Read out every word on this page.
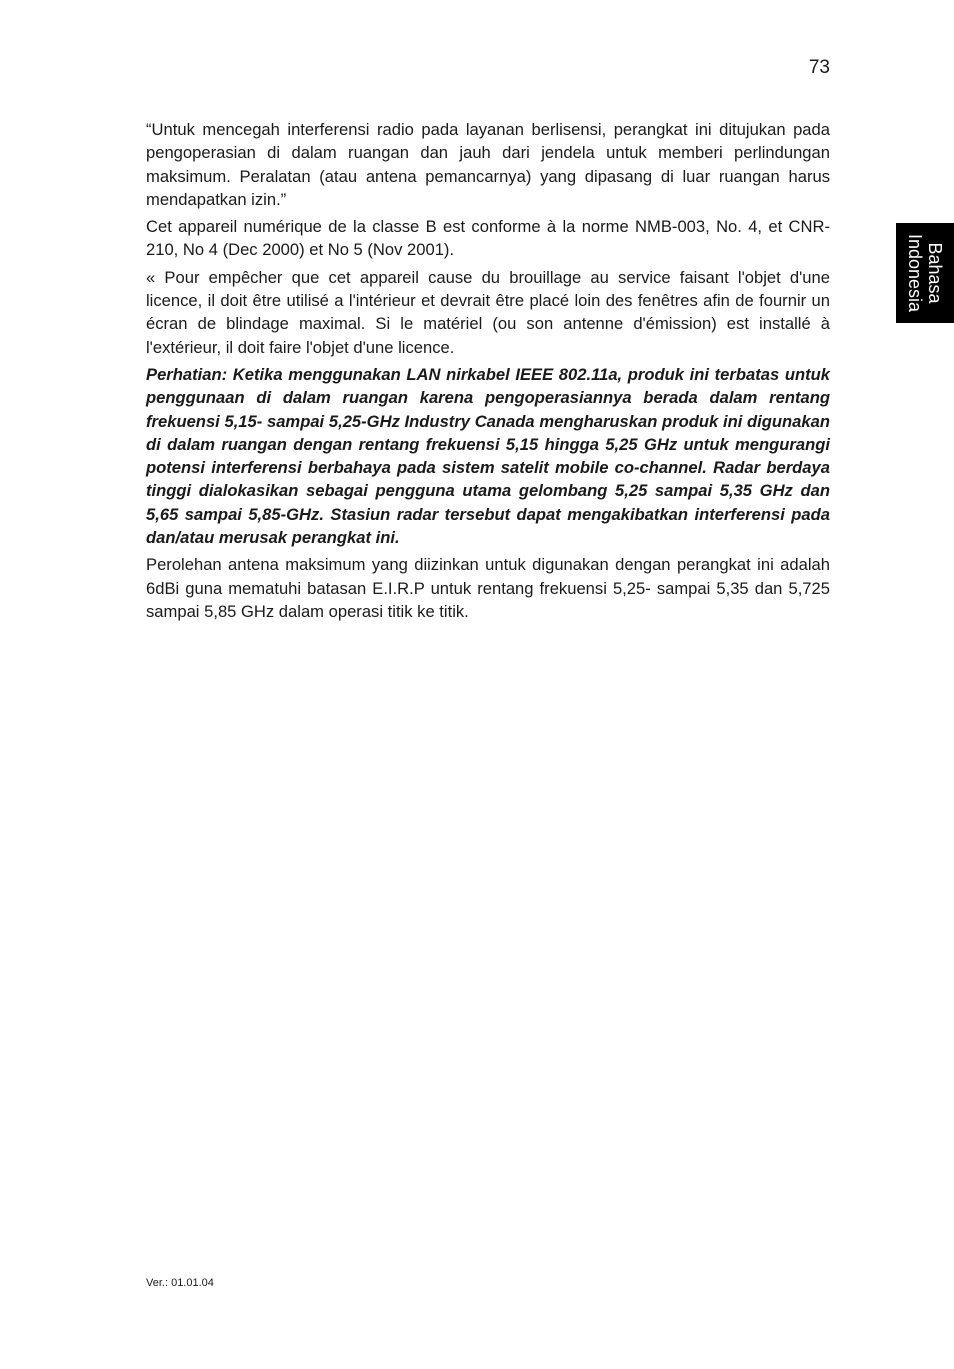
73
Bahasa
Indonesia

“Untuk mencegah interferensi radio pada layanan berlisensi, perangkat ini ditujukan pada pengoperasian di dalam ruangan dan jauh dari jendela untuk memberi perlindungan maksimum. Peralatan (atau antena pemancarnya) yang dipasang di luar ruangan harus mendapatkan izin.”

Cet appareil numérique de la classe B est conforme à la norme NMB-003, No. 4, et CNR-210, No 4 (Dec 2000) et No 5 (Nov 2001).

« Pour empêcher que cet appareil cause du brouillage au service faisant l'objet d'une licence, il doit être utilisé a l'intérieur et devrait être placé loin des fenêtres afin de fournir un écran de blindage maximal. Si le matériel (ou son antenne d'émission) est installé à l'extérieur, il doit faire l'objet d'une licence.

Perhatian: Ketika menggunakan LAN nirkabel IEEE 802.11a, produk ini terbatas untuk penggunaan di dalam ruangan karena pengoperasiannya berada dalam rentang frekuensi 5,15- sampai 5,25-GHz Industry Canada mengharuskan produk ini digunakan di dalam ruangan dengan rentang frekuensi 5,15 hingga 5,25 GHz untuk mengurangi potensi interferensi berbahaya pada sistem satelit mobile co-channel. Radar berdaya tinggi dialokasikan sebagai pengguna utama gelombang 5,25 sampai 5,35 GHz dan 5,65 sampai 5,85-GHz. Stasiun radar tersebut dapat mengakibatkan interferensi pada dan/atau merusak perangkat ini.

Perolehan antena maksimum yang diizinkan untuk digunakan dengan perangkat ini adalah 6dBi guna mematuhi batasan E.I.R.P untuk rentang frekuensi 5,25- sampai 5,35 dan 5,725 sampai 5,85 GHz dalam operasi titik ke titik.

Ver.: 01.01.04
